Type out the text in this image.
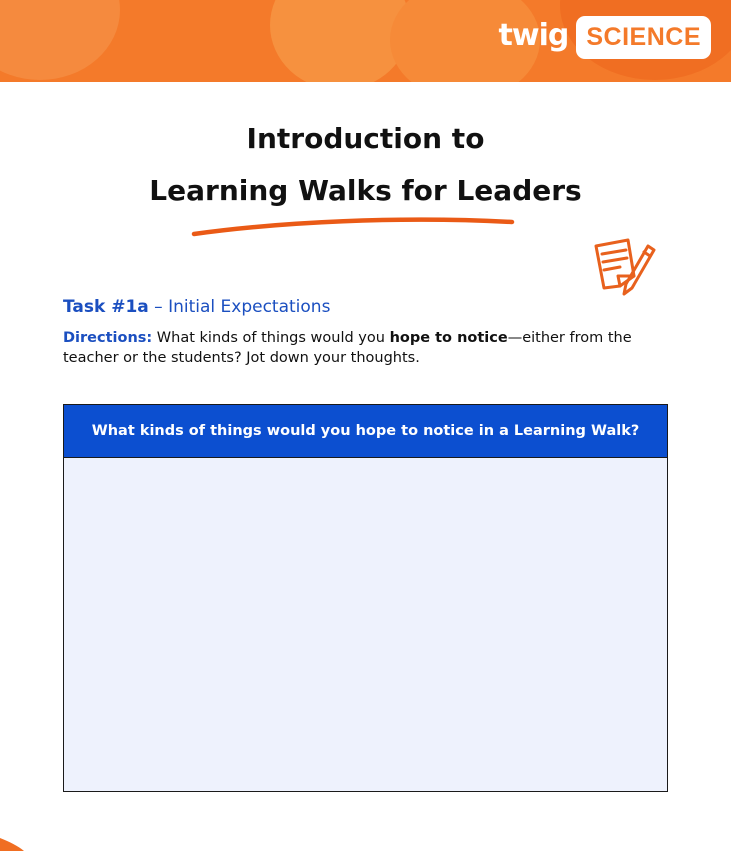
twig SCIENCE
Introduction to
Learning Walks for Leaders
Task #1a – Initial Expectations
Directions: What kinds of things would you hope to notice—either from the teacher or the students? Jot down your thoughts.
What kinds of things would you hope to notice in a Learning Walk?
